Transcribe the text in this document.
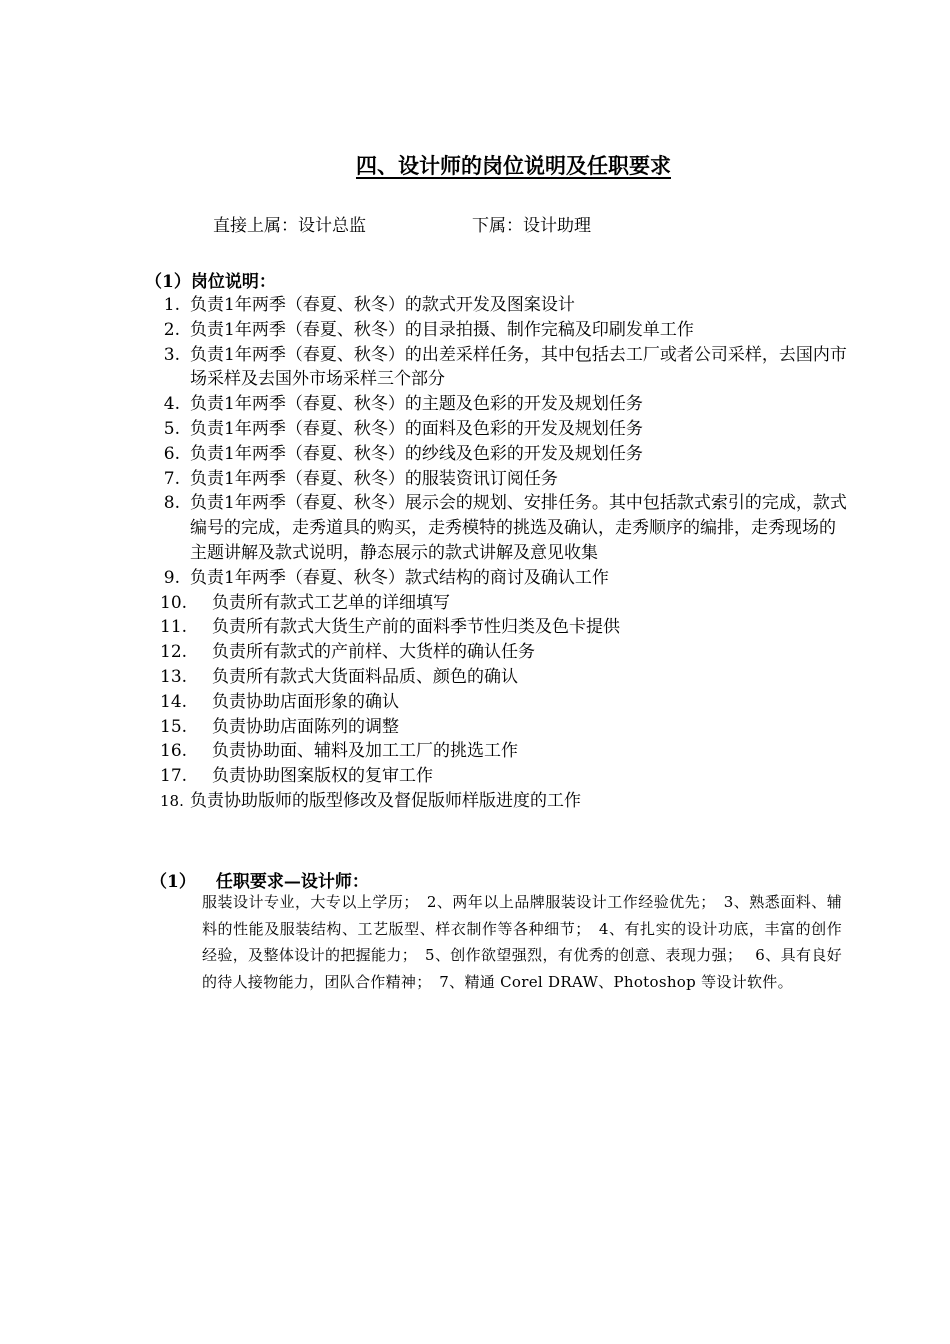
四、设计师的岗位说明及任职要求
直接上属：设计总监	下属：设计助理
（1）岗位说明：
1. 负责1年两季（春夏、秋冬）的款式开发及图案设计
2. 负责1年两季（春夏、秋冬）的目录拍摄、制作完稿及印刷发单工作
3. 负责1年两季（春夏、秋冬）的出差采样任务，其中包括去工厂或者公司采样，去国内市场采样及去国外市场采样三个部分
4. 负责1年两季（春夏、秋冬）的主题及色彩的开发及规划任务
5. 负责1年两季（春夏、秋冬）的面料及色彩的开发及规划任务
6. 负责1年两季（春夏、秋冬）的纱线及色彩的开发及规划任务
7. 负责1年两季（春夏、秋冬）的服装资讯订阅任务
8. 负责1年两季（春夏、秋冬）展示会的规划、安排任务。其中包括款式索引的完成，款式编号的完成，走秀道具的购买，走秀模特的挑选及确认，走秀顺序的编排，走秀现场的主题讲解及款式说明，静态展示的款式讲解及意见收集
9. 负责1年两季（春夏、秋冬）款式结构的商讨及确认工作
10.	负责所有款式工艺单的详细填写
11.	负责所有款式大货生产前的面料季节性归类及色卡提供
12.	负责所有款式的产前样、大货样的确认任务
13.	负责所有款式大货面料品质、颜色的确认
14.	负责协助店面形象的确认
15.	负责协助店面陈列的调整
16.	负责协助面、辅料及加工工厂的挑选工作
17.	负责协助图案版权的复审工作
18. 负责协助版师的版型修改及督促版师样版进度的工作
（1） 任职要求—设计师：
服装设计专业，大专以上学历；　2、两年以上品牌服装设计工作经验优先；　3、熟悉面料、辅料的性能及服装结构、工艺版型、样衣制作等各种细节；　4、有扎实的设计功底，丰富的创作经验，及整体设计的把握能力；　5、创作欲望强烈，有优秀的创意、表现力强；　 6、具有良好的待人接物能力，团队合作精神；　7、精通 Corel DRAW、Photoshop 等设计软件。
